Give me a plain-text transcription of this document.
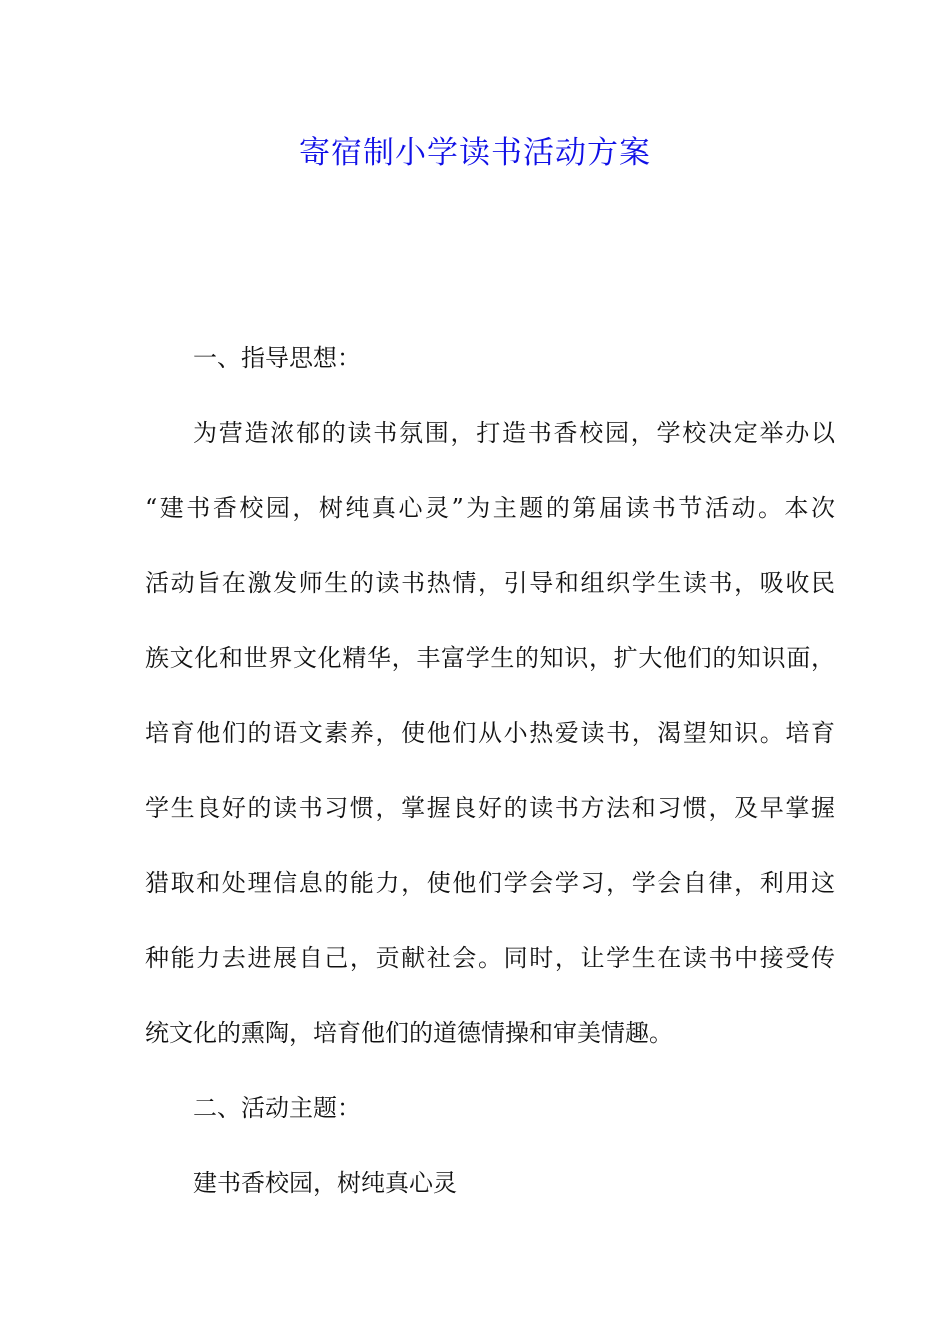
寄宿制小学读书活动方案
一、指导思想：
为营造浓郁的读书氛围，打造书香校园，学校决定举办以
“建书香校园，树纯真心灵”为主题的第届读书节活动。本次
活动旨在激发师生的读书热情，引导和组织学生读书，吸收民
族文化和世界文化精华，丰富学生的知识，扩大他们的知识面，
培育他们的语文素养，使他们从小热爱读书，渴望知识。培育
学生良好的读书习惯，掌握良好的读书方法和习惯，及早掌握
猎取和处理信息的能力，使他们学会学习，学会自律，利用这
种能力去进展自己，贡献社会。同时，让学生在读书中接受传
统文化的熏陶，培育他们的道德情操和审美情趣。
二、活动主题：
建书香校园，树纯真心灵
